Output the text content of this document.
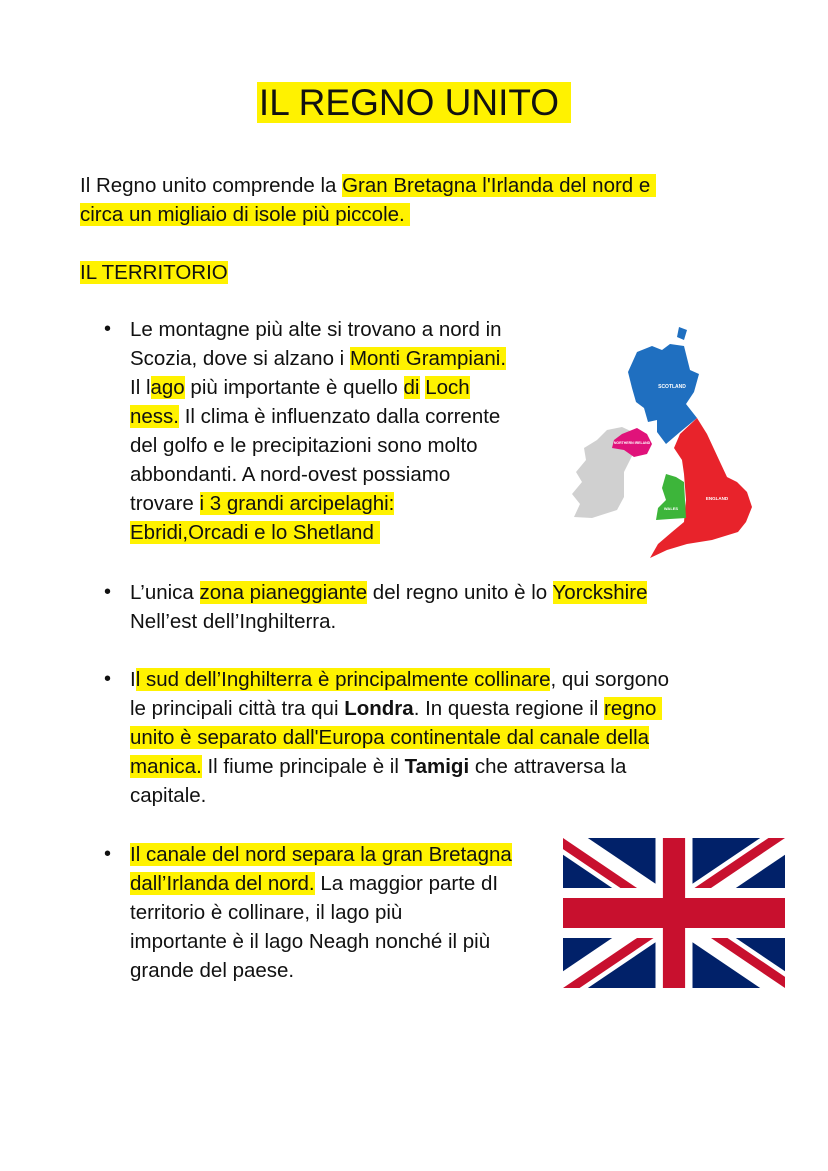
IL REGNO UNITO
Il Regno unito comprende la Gran Bretagna l'Irlanda del nord e
circa un migliaio di isole più piccole.
IL TERRITORIO
• Le montagne più alte si trovano a nord in
Scozia, dove si alzano i Monti Grampiani.
Il lago più importante è quello di Loch
ness. Il clima è influenzato dalla corrente
del golfo e le precipitazioni sono molto
abbondanti. A nord-ovest possiamo
trovare i 3 grandi arcipelaghi:
Ebridi,Orcadi e lo Shetland
• L’unica zona pianeggiante del regno unito è lo Yorckshire
Nell’est dell’Inghilterra.
• Il sud dell’Inghilterra è principalmente collinare, qui sorgono
le principali città tra qui Londra. In questa regione il regno
unito è separato dall'Europa continentale dal canale della
manica. Il fiume principale è il Tamigi che attraversa la
capitale.
• Il canale del nord separa la gran Bretagna
dall’Irlanda del nord. La maggior parte dI
territorio è collinare, il lago più
importante è il lago Neagh nonché il più
grande del paese.
SCOTLAND
NORTHERN IRELAND
WALES
ENGLAND
